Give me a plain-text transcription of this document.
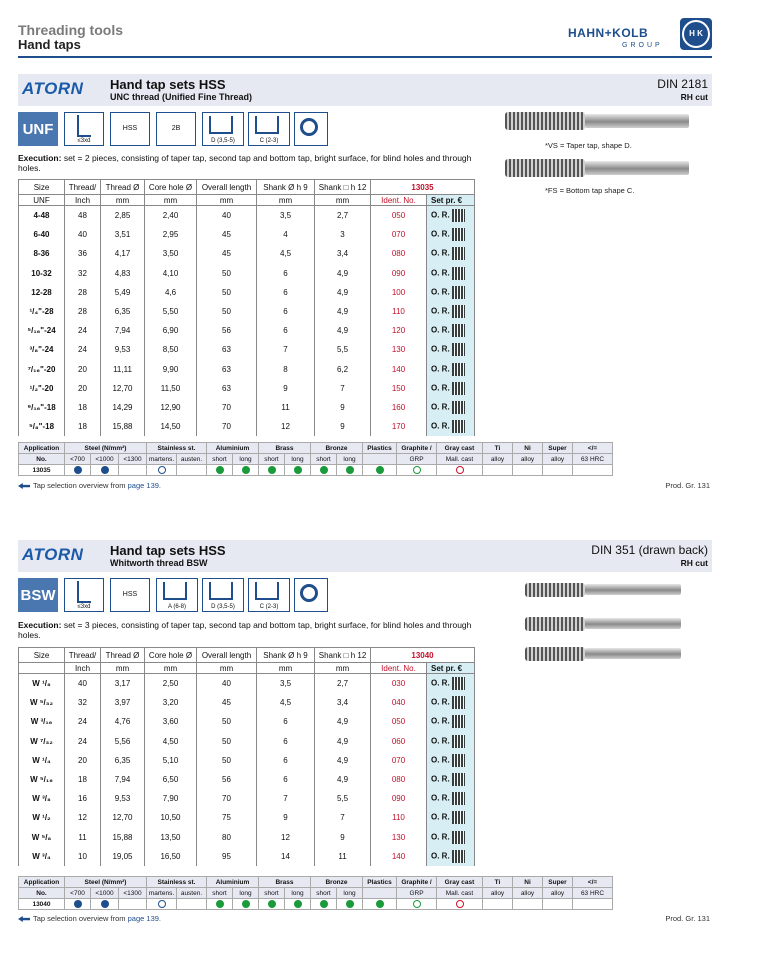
Threading tools
Hand taps
HAHN+KOLB
GROUP
H K
ATORN Hand tap sets HSS
UNC thread (Unified Fine Thread)
DIN 2181
RH cut
UNF
≤3xd
HSS	2B
D (3,5-5)	C (2-3)	*VS = Taper tap, shape D.
*FS = Bottom tap shape C.
Execution: set = 2 pieces, consisting of taper tap, second tap and bottom tap, bright surface, for blind holes and through holes.
Size	Thread/	Thread Ø	Core hole Ø	Overall length	Shank Ø h 9	Shank □ h 12	13035	
UNF	Inch	mm	mm	mm	mm	mm	Ident. No.	Set pr. €
4-48	48	2,85	2,40	40	3,5	2,7	050	O. R.
6-40	40	3,51	2,95	45	4	3	070	O. R.
8-36	36	4,17	3,50	45	4,5	3,4	080	O. R.
10-32	32	4,83	4,10	50	6	4,9	090	O. R.
12-28	28	5,49	4,6	50	6	4,9	100	O. R.
¹/₄"-28	28	6,35	5,50	50	6	4,9	110	O. R.
⁵/₁₆"-24	24	7,94	6,90	56	6	4,9	120	O. R.
³/₈"-24	24	9,53	8,50	63	7	5,5	130	O. R.
⁷/₁₆"-20	20	11,11	9,90	63	8	6,2	140	O. R.
¹/₂"-20	20	12,70	11,50	63	9	7	150	O. R.
⁹/₁₆"-18	18	14,29	12,90	70	11	9	160	O. R.
⁵/₈"-18	18	15,88	14,50	70	12	9	170	O. R.
Application	Steel (N/mm²)			Stainless st.		Aluminium		Brass		Bronze		Plastics	Graphite /	Gray cast	Ti	Ni	Super	</=
No.	<700	<1000	<1300	martens.	austen.	short	long	short	long	short	long		GRP	Mall. cast	alloy	alloy	alloy	63 HRC
13035																		
Tap selection overview from page 139.	Prod. Gr. 131
ATORN Hand tap sets HSS
Whitworth thread BSW
DIN 351 (drawn back)
RH cut
BSW
≤3xd
HSS
A (6-8)	D (3,5-5)	C (2-3)
Execution: set = 3 pieces, consisting of taper tap, second tap and bottom tap, bright surface, for blind holes and through holes.
Size	Thread/	Thread Ø	Core hole Ø	Overall length	Shank Ø h 9	Shank □ h 12	13040	
	Inch	mm	mm	mm	mm	mm	Ident. No.	Set pr. €
W ¹/₈	40	3,17	2,50	40	3,5	2,7	030	O. R.
W ⁵/₃₂	32	3,97	3,20	45	4,5	3,4	040	O. R.
W ³/₁₆	24	4,76	3,60	50	6	4,9	050	O. R.
W ⁷/₃₂	24	5,56	4,50	50	6	4,9	060	O. R.
W ¹/₄	20	6,35	5,10	50	6	4,9	070	O. R.
W ⁵/₁₆	18	7,94	6,50	56	6	4,9	080	O. R.
W ³/₈	16	9,53	7,90	70	7	5,5	090	O. R.
W ¹/₂	12	12,70	10,50	75	9	7	110	O. R.
W ⁵/₈	11	15,88	13,50	80	12	9	130	O. R.
W ³/₄	10	19,05	16,50	95	14	11	140	O. R.
Application	Steel (N/mm²)			Stainless st.		Aluminium		Brass		Bronze		Plastics	Graphite /	Gray cast	Ti	Ni	Super	</=
No.	<700	<1000	<1300	martens.	austen.	short	long	short	long	short	long		GRP	Mall. cast	alloy	alloy	alloy	63 HRC
13040																		
Tap selection overview from page 139.	Prod. Gr. 131
